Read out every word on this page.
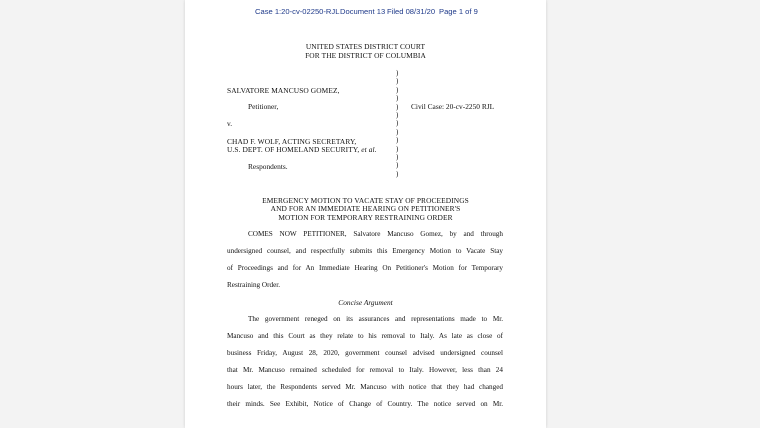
Case 1:20-cv-02250-RJL Document 13 Filed 08/31/20 Page 1 of 9
UNITED STATES DISTRICT COURT
FOR THE DISTRICT OF COLUMBIA
)
)
)
)
)
)
)
)
)
)
)
)
)
SALVATORE MANCUSO GOMEZ,
Petitioner,	Civil Case: 20-cv-2250 RJL
v.
CHAD F. WOLF, ACTING SECRETARY,
U.S. DEPT. OF HOMELAND SECURITY, et al.
Respondents.
EMERGENCY MOTION TO VACATE STAY OF PROCEEDINGS
AND FOR AN IMMEDIATE HEARING ON PETITIONER'S
MOTION FOR TEMPORARY RESTRAINING ORDER
COMES NOW PETITIONER, Salvatore Mancuso Gomez, by and through
undersigned counsel, and respectfully submits this Emergency Motion to Vacate Stay
of Proceedings and for An Immediate Hearing On Petitioner's Motion for Temporary
Restraining Order.
Concise Argument
The government reneged on its assurances and representations made to Mr.
Mancuso and this Court as they relate to his removal to Italy. As late as close of
business Friday, August 28, 2020, government counsel advised undersigned counsel
that Mr. Mancuso remained scheduled for removal to Italy. However, less than 24
hours later, the Respondents served Mr. Mancuso with notice that they had changed
their minds. See Exhibit, Notice of Change of Country. The notice served on Mr.
